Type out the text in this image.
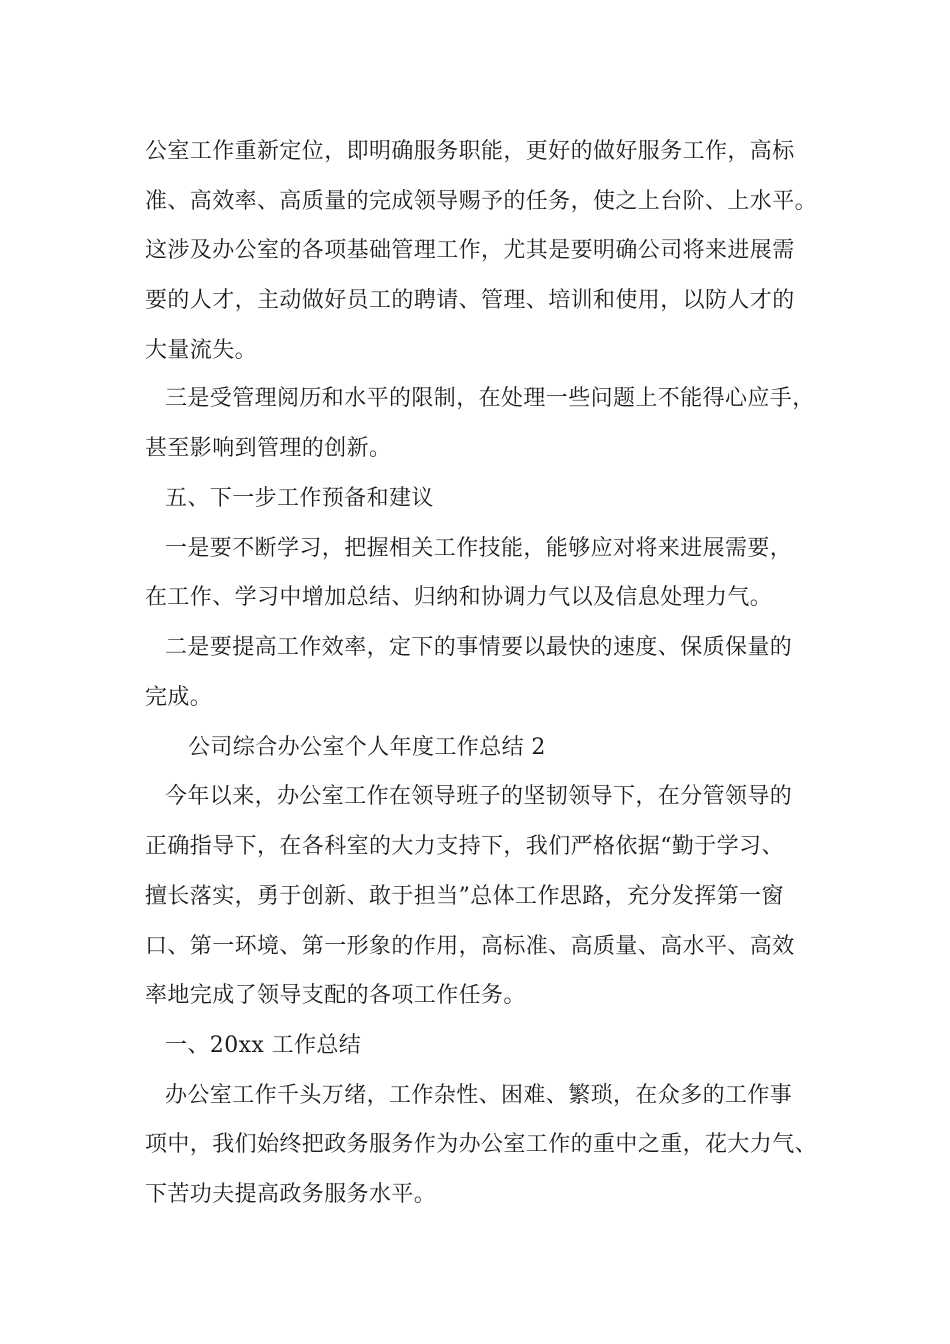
公室工作重新定位，即明确服务职能，更好的做好服务工作，高标
准、高效率、高质量的完成领导赐予的任务，使之上台阶、上水平。
这涉及办公室的各项基础管理工作，尤其是要明确公司将来进展需
要的人才，主动做好员工的聘请、管理、培训和使用，以防人才的
大量流失。
三是受管理阅历和水平的限制，在处理一些问题上不能得心应手，
甚至影响到管理的创新。
五、下一步工作预备和建议
一是要不断学习，把握相关工作技能，能够应对将来进展需要，
在工作、学习中增加总结、归纳和协调力气以及信息处理力气。
二是要提高工作效率，定下的事情要以最快的速度、保质保量的
完成。
公司综合办公室个人年度工作总结 2
今年以来，办公室工作在领导班子的坚韧领导下，在分管领导的
正确指导下，在各科室的大力支持下，我们严格依据“勤于学习、
擅长落实，勇于创新、敢于担当”总体工作思路，充分发挥第一窗
口、第一环境、第一形象的作用，高标准、高质量、高水平、高效
率地完成了领导支配的各项工作任务。
一、20xx 工作总结
办公室工作千头万绪，工作杂性、困难、繁琐，在众多的工作事
项中，我们始终把政务服务作为办公室工作的重中之重，花大力气、
下苦功夫提高政务服务水平。
